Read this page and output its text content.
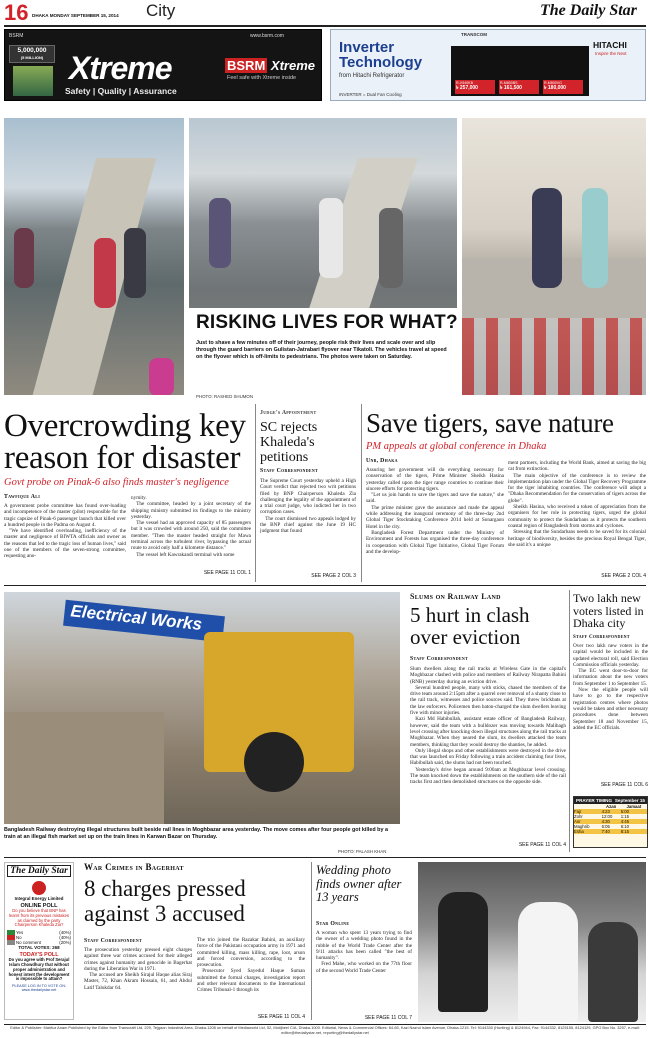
16 DHAKA MONDAY SEPTEMBER 15, 2014 City	The Daily Star
BSRM
5,000,000
(5 MILLION) Xtreme
Safety | Quality | Assurance
BSRM Xtreme
Feel safe with Xtreme inside
www.bsrm.com	TRANSCOM
Inverter
Technology
from Hitachi Refrigerator
INVERTER = Dual Fan Cooling
R-V540KB
৳ 257,000
R-M800BS
৳ 161,500
R-M800VG
৳ 180,000
HITACHI
Inspire the Next
RISKING LIVES FOR WHAT?
Just to shave a few minutes off of their journey, people risk their lives and scale over and slip through the guard barriers on Gulistan-Jatrabari flyover near Tikatoli. The vehicles travel at speed on the flyover which is off-limits to pedestrians. The photos were taken on Saturday.
PHOTO: RASHED SHUMON
Overcrowding key reason for disaster
Govt probe on Pinak-6 also finds master's negligence
Tawfique Ali
A government probe committee has found over-loading and incompetence of the master (pilot) responsible for the tragic capsize of Pinak-6 passenger launch that killed over a hundred people in the Padma on August 4.
 "We have identified overloading, inefficiency of the master and negligence of BIWTA officials and owner as the reasons that led to the tragic loss of human lives," said one of the members of the seven-strong committee, requesting ano-
nymity.
 The committee, headed by a joint secretary of the shipping ministry submitted its findings to the ministry yesterday.
 The vessel had an approved capacity of 85 passengers but it was crowded with around 250, said the committee member. "Then the master headed straight for Mawa terminal across the turbulent river, bypassing the actual route to avoid only half a kilometre distance."
 The vessel left Kawrakandi terminal with some
SEE PAGE 11 COL 1
Judge's Appointment
SC rejects Khaleda's petitions
Staff Correspondent
The Supreme Court yesterday upheld a High Court verdict that rejected two writ petitions filed by BNP Chairperson Khaleda Zia challenging the legality of the appointment of a trial court judge, who indicted her in two corruption cases.
 The court dismissed two appeals lodged by the BNP chief against the June 19 HC judgment that found
SEE PAGE 2 COL 3
Save tigers, save nature
PM appeals at global conference in Dhaka
Unb, Dhaka
Assuring her government will do everything necessary for conservation of the tigers, Prime Minister Sheikh Hasina yesterday called upon the tiger range countries to continue their sincere efforts for protecting tigers.
 "Let us join hands to save the tigers and save the nature," she said.
 The prime minister gave the assurance and made the appeal while addressing the inaugural ceremony of the three-day 2nd Global Tiger Stocktaking Conference 2014 held at Sonargaon Hotel in the city.
 Bangladesh Forest Department under the Ministry of Environment and Forests has organised the three-day conference in cooperation with Global Tiger Initiative, Global Tiger Forum and the develop-
ment partners, including the World Bank, aimed at saving the big cat from extinction.
 The main objective of the conference is to review the implementation plan under the Global Tiger Recovery Programme for the tiger inhabiting countries. The conference will adopt a "Dhaka Recommendation for the conservation of tigers across the globe".
 Sheikh Hasina, who received a token of appreciation from the organisers for her role in protecting tigers, urged the global community to protect the Sundarbans as it protects the southern coastal region of Bangladesh from storms and cyclones.
 Stressing that the Sundarbans needs to be saved for its colonial heritage of biodiversity, besides the precious Royal Bengal Tiger, she said it's a unique
SEE PAGE 2 COL 4
Electrical Works
Bangladesh Railway destroying illegal structures built beside rail lines in Moghbazar area yesterday. The move comes after four people got killed by a train at an illegal fish market set up on the train lines in Karwan Bazar on Thursday.
PHOTO: PALASH KHAN
Slums on Railway Land
5 hurt in clash over eviction
Staff Correspondent
Slum dwellers along the rail tracks at Wireless Gate in the capital's Moghbazar clashed with police and members of Railway Nirapatta Bahini (RNB) yesterday during an eviction drive.
 Several hundred people, many with sticks, chased the members of the drive team around 2:15pm after a quarrel over removal of a shanty close to the rail track, witnesses and police sources said. They threw brickbats at the law enforcers. Policemen then baton-charged the slum dwellers leaving five with minor injuries.
 Kazi Md Habibullah, assistant estate officer of Bangladesh Railway, however, said the team with a bulldozer was moving towards Malibagh level crossing after knocking down illegal structures along the rail tracks at Moghbazar. When they neared the slum, its dwellers attacked the team members, thinking that they would destroy the shanties, he added.
 Only illegal shops and other establishments were destroyed in the drive that was launched on Friday following a train accident claiming four lives, Habibullah said, the slums had not been touched.
 Yesterday's drive began around 9:00am at Moghbazar level crossing. The team knocked down the establishments on the southern side of the rail tracks first and then demolished structures on the opposite side.
SEE PAGE 11 COL 4
Two lakh new voters listed in Dhaka city
Staff Correspondent
Over two lakh new voters in the capital would be included in the updated electoral roll, said Election Commission officials yesterday.
 The EC went door-to-door for information about the new voters from September 1 to September 15.
 Now the eligible people will have to go to the respective registration centres where photos would be taken and other necessary procedures done between September 18 and November 15, added the EC officials.
SEE PAGE 11 COL 6
PRAYER TIMING September 15
	Azan	Jamaat
Fajr	4:23	5:00
Zohr	12:00	1:15
Asr	4:30	4:45
Maghrib	6:05	6:10
Esha	7:40	8:15
The Daily Star
Integral Energy Limited
ONLINE POLL
Do you believe that BNP has learnt from its previous mistakes as claimed by the party Chairperson Khaleda Zia?
Yes	(40%)
No	(40%)
No comment	(20%)
TOTAL VOTES: 268
TODAY'S POLL
Do you agree with Prof Serajul Islam Chowdhury that without proper administration and honest intent the development is impossible to attain?
PLEASE LOG IN TO VOTE ON: www.thedailystar.net
War Crimes in Bagerhat
8 charges pressed against 3 accused
Staff Correspondent
The prosecution yesterday pressed eight charges against three war crimes accused for their alleged crimes against humanity and genocide in Bagerhat during the Liberation War in 1971.
 The accused are Sheikh Sirajul Haque alias Siraj Master, 72, Khan Akram Hossain, 61, and Abdul Latif Talukdar 64.
The trio joined the Razakar Bahini, an auxiliary force of the Pakistani occupation army in 1971 and committed killing, mass killing, rape, loot, arson and forced conversion, according to the prosecution.
 Prosecutor Syed Sayedul Haque Suman submitted the formal charges, investigation report and other relevant documents to the International Crimes Tribunal-1 through its
SEE PAGE 11 COL 4
Wedding photo finds owner after 13 years
Star Online
A woman who spent 13 years trying to find the owner of a wedding photo found in the rubble of the World Trade Center after the 9/11 attacks has been called "the best of humanity".
 Fred Mahe, who worked on the 77th floor of the second World Trade Center
SEE PAGE 11 COL 7
Editor & Publisher: Mahfuz Anam Published by the Editor from Transcraft Ltd, 229, Tejgaon Industrial Area, Dhaka-1208 on behalf of Mediaworld Ltd, 52, Motijheel C/A, Dhaka-1000. Editorial, News & Commercial Offices: 64-65, Kazi Nazrul Islam Avenue, Dhaka-1215. Tel: 9144330 (Hunting) & 8124944, Fax: 9144332, 8125155, 8124129, GPO Box No. 3257, e-mail: editor@thedailystar.net, reporting@thedailystar.net
